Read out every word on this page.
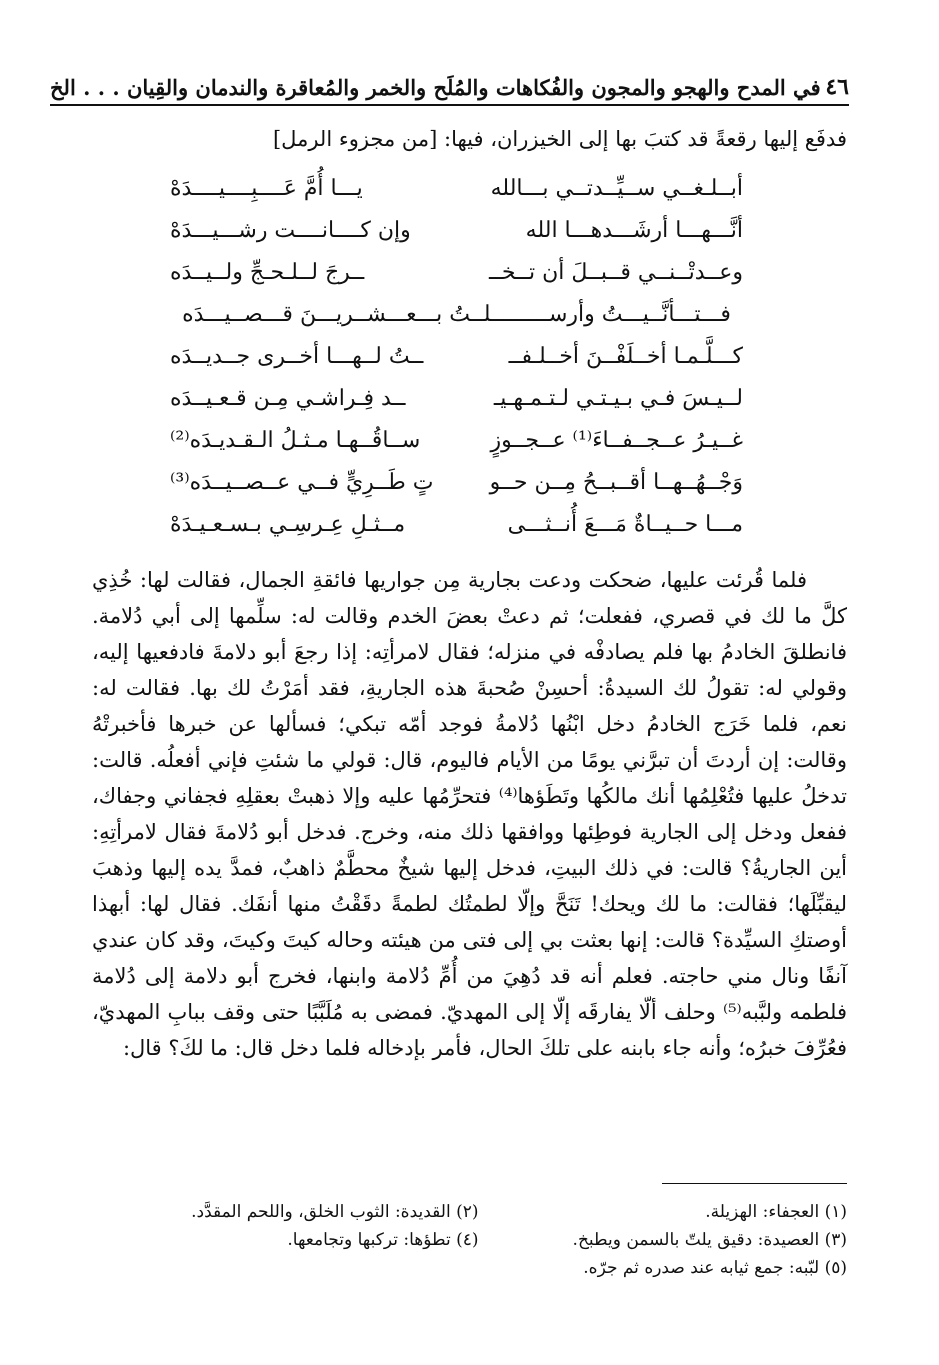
٤٦
في المدح والهجو والمجون والفُكاهات والمُلَح والخمر والمُعاقرة والندمان والقِيان . . . الخ
فدفَع إليها رقعةً قد كتبَ بها إلى الخيزران، فيها: [من مجزوء الرمل]
أبــلـغــي ســيِّــدتــي بـــالله
يـــا أُمَّ عَــــبِــــيــــدَهْ
أنَّـــهـــا أرشَـــدهـــا الله
وإن كــــانــــت رشـــيـــدَهْ
وعــدتْــنــي قــبــلَ أن تــخــ
ــرجَ لــلـحـجِّ ولــيــدَه
فـــتـــأنَّــيـــتُ وأرســـــــــلــتُ بـــعـــشــريـــنَ قـــصــيـــدَه
كـــلَّـمـا أخــلَفْــنَ أخــلـفــ
ــتُ لــهـــا أخــرى جــديــدَه
لــيـسَ فـي بـيـتـي لـتـمـهـيـ
ــد فِـراشـي مِـن قـعـيــدَه
غــيـرُ عــجــفــاءَ⁽¹⁾ عــجــوزٍ
ســاقُــهـا مـثـلُ الـقـديـدَه⁽²⁾
وَجْــهُــهــا أقــبــحُ مِــن حــو
تٍ طَــرِيٍّ فــي عــصــيــدَه⁽³⁾
مـــا حــيــاةٌ مَـــعَ أُنــثـــى
مــثـلِ عِـرسِـي بـسـعـيـدَهْ

فلما قُرئت عليها، ضحكت ودعت بجارية مِن جواريها فائقةِ الجمال، فقالت لها: خُذِي كلَّ ما لك في قصري، ففعلت؛ ثم دعتْ بعضَ الخدم وقالت له: سلِّمها إلى أبي دُلامة. فانطلقَ الخادمُ بها فلم يصادفْه في منزله؛ فقال لامرأتِه: إذا رجعَ أبو دلامةَ فادفعيها إليه، وقولي له: تقولُ لك السيدةُ: أحسِنْ صُحبةَ هذه الجاريةِ، فقد أمَرْتُ لك بها. فقالت له: نعم، فلما خَرَج الخادمُ دخل ابْنُها دُلامةُ فوجد أمّه تبكي؛ فسألها عن خبرها فأخبرتْهُ وقالت: إن أردتَ أن تبرَّني يومًا من الأيام فاليوم، قال: قولي ما شئتِ فإني أفعلُه. قالت: تدخلُ عليها فتُعْلِمُها أنك مالكُها وتَطَؤها⁽⁴⁾ فتحرِّمُها عليه وإلا ذهبتْ بعقلِهِ فجفاني وجفاك، ففعل ودخل إلى الجارية فوطِئها ووافقها ذلك منه، وخرج. فدخل أبو دُلامةَ فقال لامرأتِهِ: أين الجاريةُ؟ قالت: في ذلك البيتِ، فدخل إليها شيخٌ محطَّمٌ ذاهبٌ، فمدَّ يده إليها وذهبَ ليقبِّلَها؛ فقالت: ما لك ويحك! تَنَحَّ وإلّا لطمتُك لطمةً دقَقْتُ منها أنفَك. فقال لها: أبهذا أوصتكِ السيِّدة؟ قالت: إنها بعثت بي إلى فتى من هيئته وحاله كيتَ وكيتَ، وقد كان عندي آنفًا ونال مني حاجته. فعلم أنه قد دُهِيَ من أُمِّ دُلامة وابنها، فخرج أبو دلامة إلى دُلامة فلطمه ولبَّبه⁽⁵⁾ وحلف ألّا يفارقَه إلّا إلى المهديّ. فمضى به مُلَبَّبًا حتى وقف ببابِ المهديّ، فعُرِّفَ خبرُه؛ وأنه جاء بابنه على تلكَ الحال، فأمر بإدخاله فلما دخل قال: ما لكَ؟ قال:

(١) العجفاء: الهزيلة.
(٢) القديدة: الثوب الخلق، واللحم المقدَّد.
(٣) العصيدة: دقيق يلتّ بالسمن ويطبخ.
(٤) تطؤها: تركبها وتجامعها.
(٥) لبّبه: جمع ثيابه عند صدره ثم جرّه.
